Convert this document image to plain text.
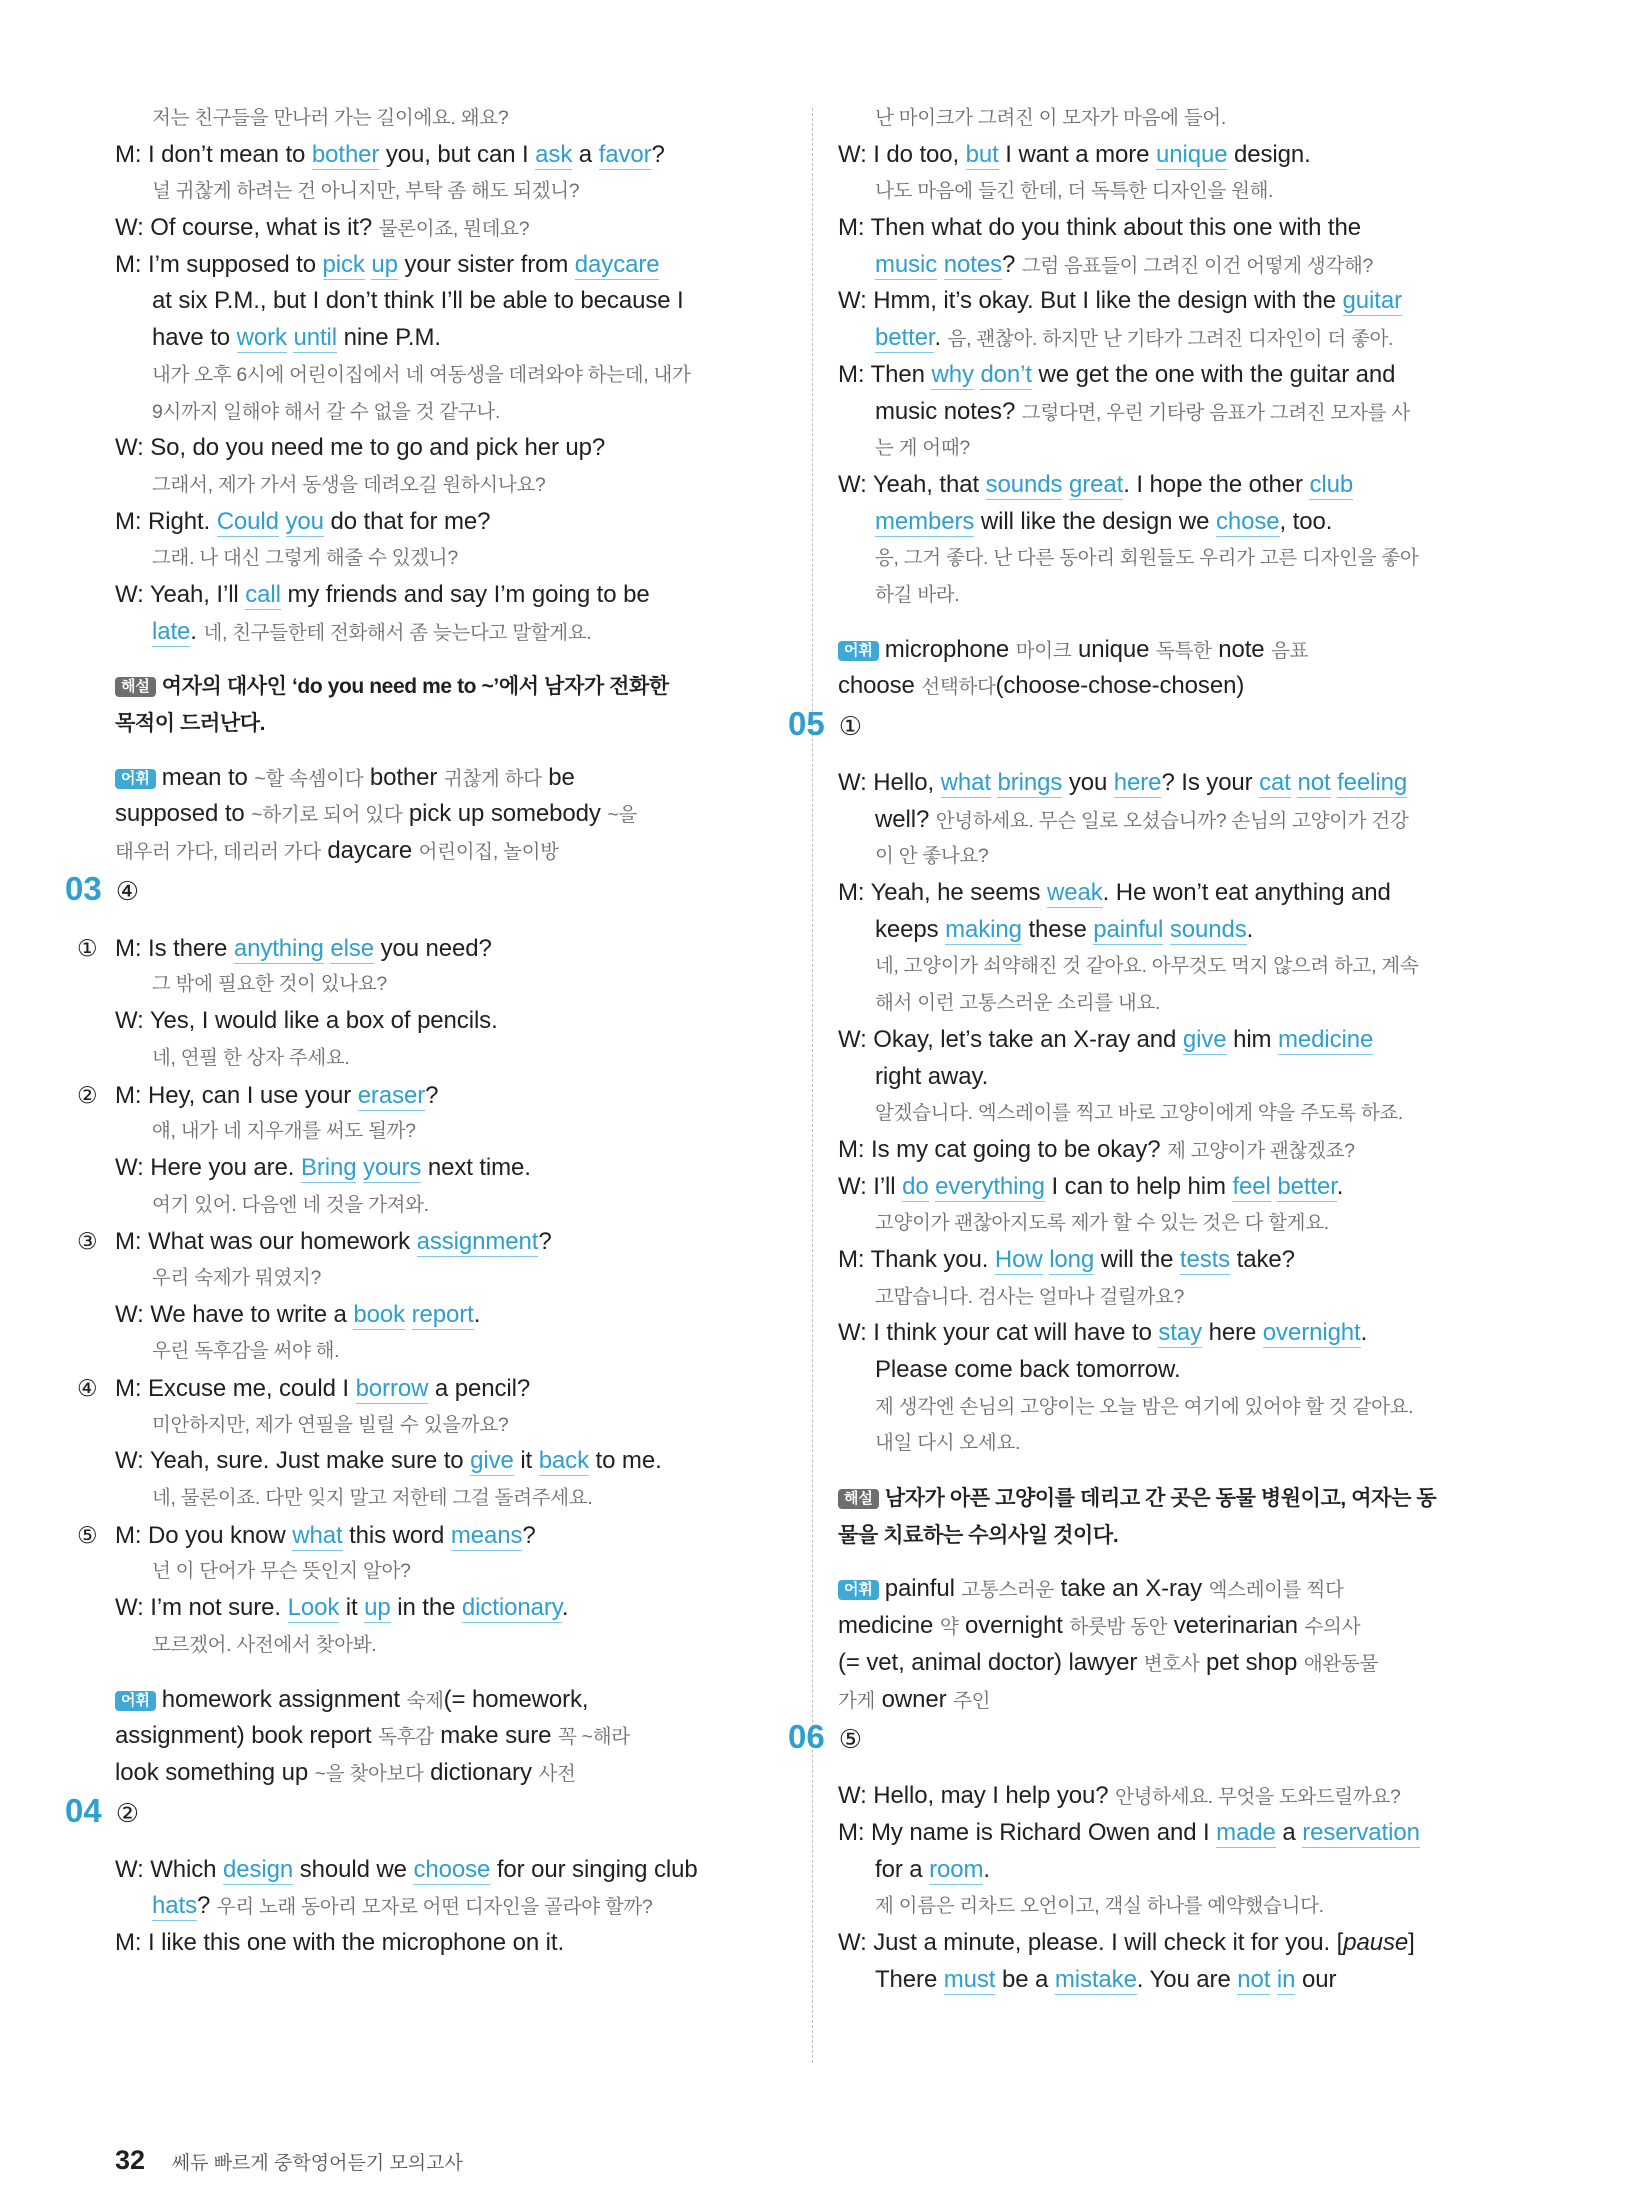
저는 친구들을 만나러 가는 길이에요. 왜요?
M: I don’t mean to bother you, but can I ask a favor?
널 귀찮게 하려는 건 아니지만, 부탁 좀 해도 되겠니?
W: Of course, what is it? 물론이죠, 뭔데요?
M: I’m supposed to pick up your sister from daycare
at six P.M., but I don’t think I’ll be able to because I
have to work until nine P.M.
내가 오후 6시에 어린이집에서 네 여동생을 데려와야 하는데, 내가
9시까지 일해야 해서 갈 수 없을 것 같구나.
W: So, do you need me to go and pick her up?
그래서, 제가 가서 동생을 데려오길 원하시나요?
M: Right. Could you do that for me?
그래. 나 대신 그렇게 해줄 수 있겠니?
W: Yeah, I’ll call my friends and say I’m going to be
late. 네, 친구들한테 전화해서 좀 늦는다고 말할게요.
해설 여자의 대사인 ‘do you need me to ~’에서 남자가 전화한
목적이 드러난다.
어휘 mean to ~할 속셈이다 bother 귀찮게 하다 be
supposed to ~하기로 되어 있다 pick up somebody ~을
태우러 가다, 데리러 가다 daycare 어린이집, 놀이방
03 ④
① M: Is there anything else you need?
그 밖에 필요한 것이 있나요?
W: Yes, I would like a box of pencils.
네, 연필 한 상자 주세요.
② M: Hey, can I use your eraser?
얘, 내가 네 지우개를 써도 될까?
W: Here you are. Bring yours next time.
여기 있어. 다음엔 네 것을 가져와.
③ M: What was our homework assignment?
우리 숙제가 뭐였지?
W: We have to write a book report.
우린 독후감을 써야 해.
④ M: Excuse me, could I borrow a pencil?
미안하지만, 제가 연필을 빌릴 수 있을까요?
W: Yeah, sure. Just make sure to give it back to me.
네, 물론이죠. 다만 잊지 말고 저한테 그걸 돌려주세요.
⑤ M: Do you know what this word means?
넌 이 단어가 무슨 뜻인지 알아?
W: I’m not sure. Look it up in the dictionary.
모르겠어. 사전에서 찾아봐.
어휘 homework assignment 숙제(= homework,
assignment) book report 독후감 make sure 꼭 ~해라
look something up ~을 찾아보다 dictionary 사전
04 ②
W: Which design should we choose for our singing club
hats? 우리 노래 동아리 모자로 어떤 디자인을 골라야 할까?
M: I like this one with the microphone on it.
난 마이크가 그려진 이 모자가 마음에 들어.
W: I do too, but I want a more unique design.
나도 마음에 들긴 한데, 더 독특한 디자인을 원해.
M: Then what do you think about this one with the
music notes? 그럼 음표들이 그려진 이건 어떻게 생각해?
W: Hmm, it’s okay. But I like the design with the guitar
better. 음, 괜찮아. 하지만 난 기타가 그려진 디자인이 더 좋아.
M: Then why don’t we get the one with the guitar and
music notes? 그렇다면, 우린 기타랑 음표가 그려진 모자를 사
는 게 어때?
W: Yeah, that sounds great. I hope the other club
members will like the design we chose, too.
응, 그거 좋다. 난 다른 동아리 회원들도 우리가 고른 디자인을 좋아
하길 바라.
어휘 microphone 마이크 unique 독특한 note 음표
choose 선택하다(choose-chose-chosen)
05 ①
W: Hello, what brings you here? Is your cat not feeling
well? 안녕하세요. 무슨 일로 오셨습니까? 손님의 고양이가 건강
이 안 좋나요?
M: Yeah, he seems weak. He won’t eat anything and
keeps making these painful sounds.
네, 고양이가 쇠약해진 것 같아요. 아무것도 먹지 않으려 하고, 계속
해서 이런 고통스러운 소리를 내요.
W: Okay, let’s take an X-ray and give him medicine
right away.
알겠습니다. 엑스레이를 찍고 바로 고양이에게 약을 주도록 하죠.
M: Is my cat going to be okay? 제 고양이가 괜찮겠죠?
W: I’ll do everything I can to help him feel better.
고양이가 괜찮아지도록 제가 할 수 있는 것은 다 할게요.
M: Thank you. How long will the tests take?
고맙습니다. 검사는 얼마나 걸릴까요?
W: I think your cat will have to stay here overnight.
Please come back tomorrow.
제 생각엔 손님의 고양이는 오늘 밤은 여기에 있어야 할 것 같아요.
내일 다시 오세요.
해설 남자가 아픈 고양이를 데리고 간 곳은 동물 병원이고, 여자는 동
물을 치료하는 수의사일 것이다.
어휘 painful 고통스러운 take an X-ray 엑스레이를 찍다
medicine 약 overnight 하룻밤 동안 veterinarian 수의사
(= vet, animal doctor) lawyer 변호사 pet shop 애완동물
가게 owner 주인
06 ⑤
W: Hello, may I help you? 안녕하세요. 무엇을 도와드릴까요?
M: My name is Richard Owen and I made a reservation
for a room.
제 이름은 리차드 오언이고, 객실 하나를 예약했습니다.
W: Just a minute, please. I will check it for you. [pause]
There must be a mistake. You are not in our
32 쎄듀 빠르게 중학영어듣기 모의고사
